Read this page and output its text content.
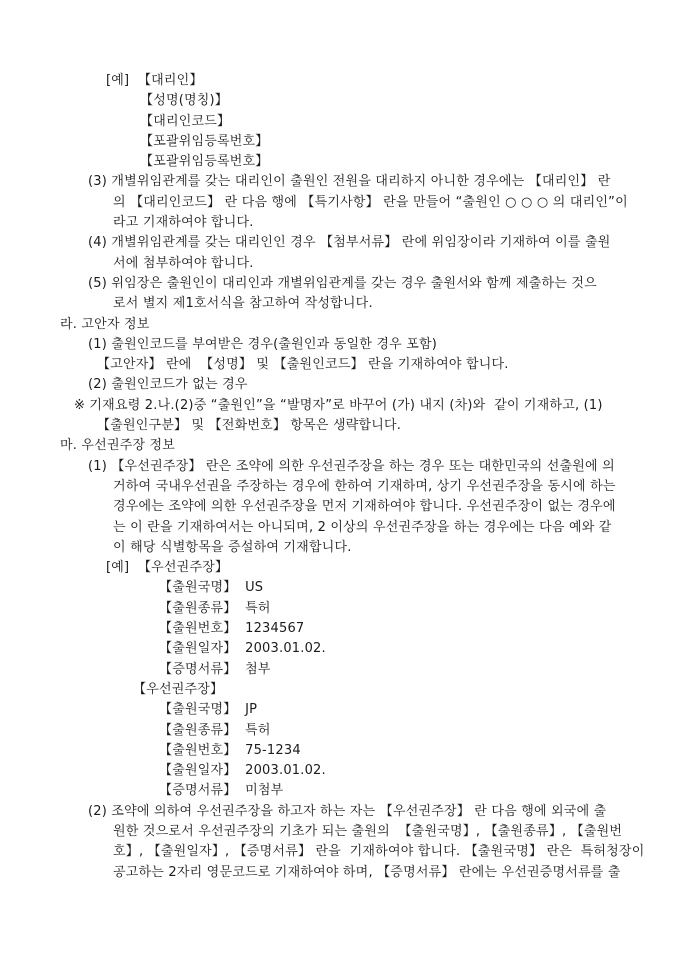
[예]  【대리인】
【성명(명칭)】
【대리인코드】
【포괄위임등록번호】
【포괄위임등록번호】
(3) 개별위임관계를 갖는 대리인이 출원인 전원을 대리하지 아니한 경우에는 【대리인】 란
의 【대리인코드】 란 다음 행에 【특기사항】 란을 만들어 “출원인 ○ ○ ○ 의 대리인”이
라고 기재하여야 합니다.
(4) 개별위임관계를 갖는 대리인인 경우 【첨부서류】 란에 위임장이라 기재하여 이를 출원
서에 첨부하여야 합니다.
(5) 위임장은 출원인이 대리인과 개별위임관계를 갖는 경우 출원서와 함께 제출하는 것으
로서 별지 제1호서식을 참고하여 작성합니다.
라. 고안자 정보
(1) 출원인코드를 부여받은 경우(출원인과 동일한 경우 포함)
【고안자】 란에  【성명】 및 【출원인코드】 란을 기재하여야 합니다.
(2) 출원인코드가 없는 경우
※ 기재요령 2.나.(2)중 “출원인”을 “발명자”로 바꾸어 (가) 내지 (차)와  같이 기재하고, (1)
【출원인구분】 및 【전화번호】 항목은 생략합니다.
마. 우선권주장 정보
(1) 【우선권주장】 란은 조약에 의한 우선권주장을 하는 경우 또는 대한민국의 선출원에 의
거하여 국내우선권을 주장하는 경우에 한하여 기재하며, 상기 우선권주장을 동시에 하는
경우에는 조약에 의한 우선권주장을 먼저 기재하여야 합니다. 우선권주장이 없는 경우에
는 이 란을 기재하여서는 아니되며, 2 이상의 우선권주장을 하는 경우에는 다음 예와 같
이 해당 식별항목을 증설하여 기재합니다.
[예]  【우선권주장】
【출원국명】  US
【출원종류】  특허
【출원번호】  1234567
【출원일자】  2003.01.02.
【증명서류】  첨부
【우선권주장】
【출원국명】  JP
【출원종류】  특허
【출원번호】  75-1234
【출원일자】  2003.01.02.
【증명서류】  미첨부
(2) 조약에 의하여 우선권주장을 하고자 하는 자는 【우선권주장】 란 다음 행에 외국에 출
원한 것으로서 우선권주장의 기초가 되는 출원의  【출원국명】, 【출원종류】, 【출원번
호】, 【출원일자】, 【증명서류】 란을  기재하여야 합니다. 【출원국명】 란은  특허청장이
공고하는 2자리 영문코드로 기재하여야 하며, 【증명서류】 란에는 우선권증명서류를 출
